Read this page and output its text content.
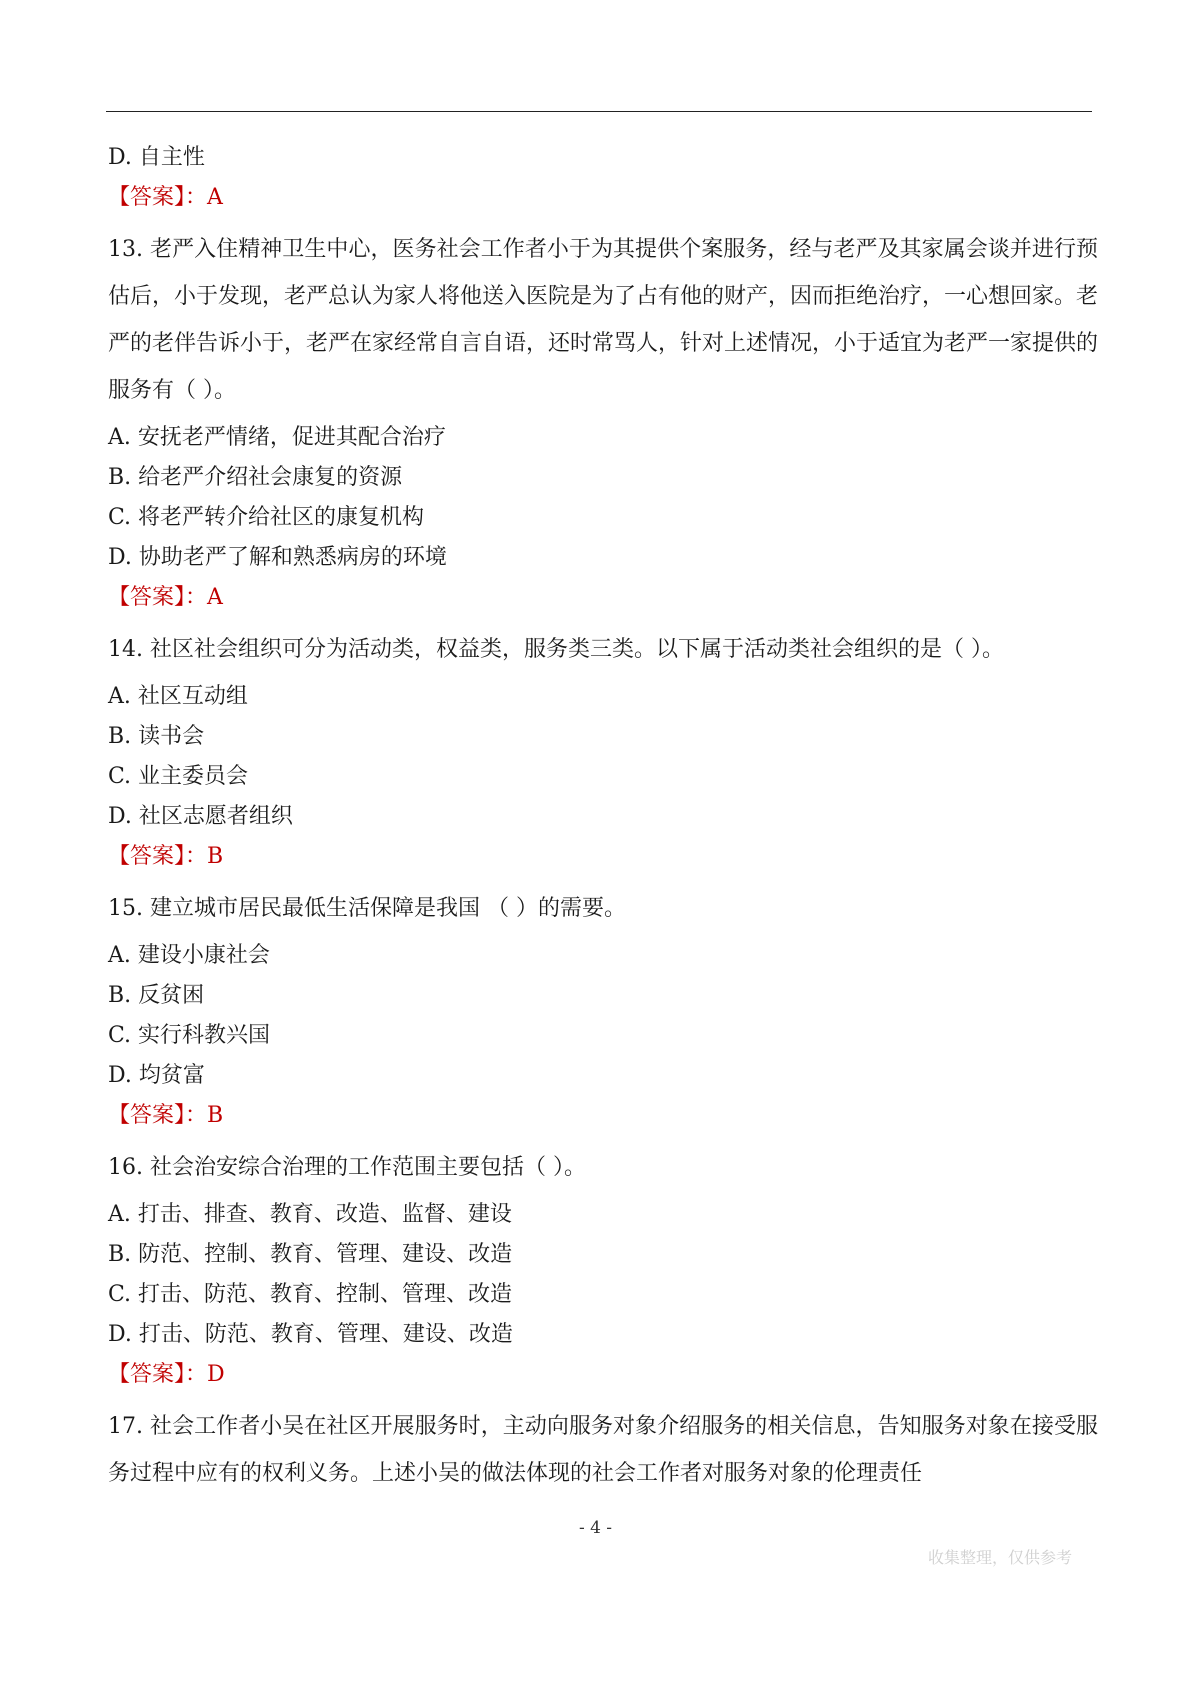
D. 自主性
【答案】：A
13. 老严入住精神卫生中心，医务社会工作者小于为其提供个案服务，经与老严及其家属会谈并进行预估后，小于发现，老严总认为家人将他送入医院是为了占有他的财产，因而拒绝治疗，一心想回家。老严的老伴告诉小于，老严在家经常自言自语，还时常骂人，针对上述情况，小于适宜为老严一家提供的服务有（ ）。
A. 安抚老严情绪，促进其配合治疗
B. 给老严介绍社会康复的资源
C. 将老严转介给社区的康复机构
D. 协助老严了解和熟悉病房的环境
【答案】：A
14. 社区社会组织可分为活动类，权益类，服务类三类。以下属于活动类社会组织的是（ ）。
A. 社区互动组
B. 读书会
C. 业主委员会
D. 社区志愿者组织
【答案】：B
15. 建立城市居民最低生活保障是我国 （ ）的需要。
A. 建设小康社会
B. 反贫困
C. 实行科教兴国
D. 均贫富
【答案】：B
16. 社会治安综合治理的工作范围主要包括（ ）。
A. 打击、排查、教育、改造、监督、建设
B. 防范、控制、教育、管理、建设、改造
C. 打击、防范、教育、控制、管理、改造
D. 打击、防范、教育、管理、建设、改造
【答案】：D
17. 社会工作者小吴在社区开展服务时，主动向服务对象介绍服务的相关信息，告知服务对象在接受服务过程中应有的权利义务。上述小吴的做法体现的社会工作者对服务对象的伦理责任
- 4 -
收集整理，仅供参考
